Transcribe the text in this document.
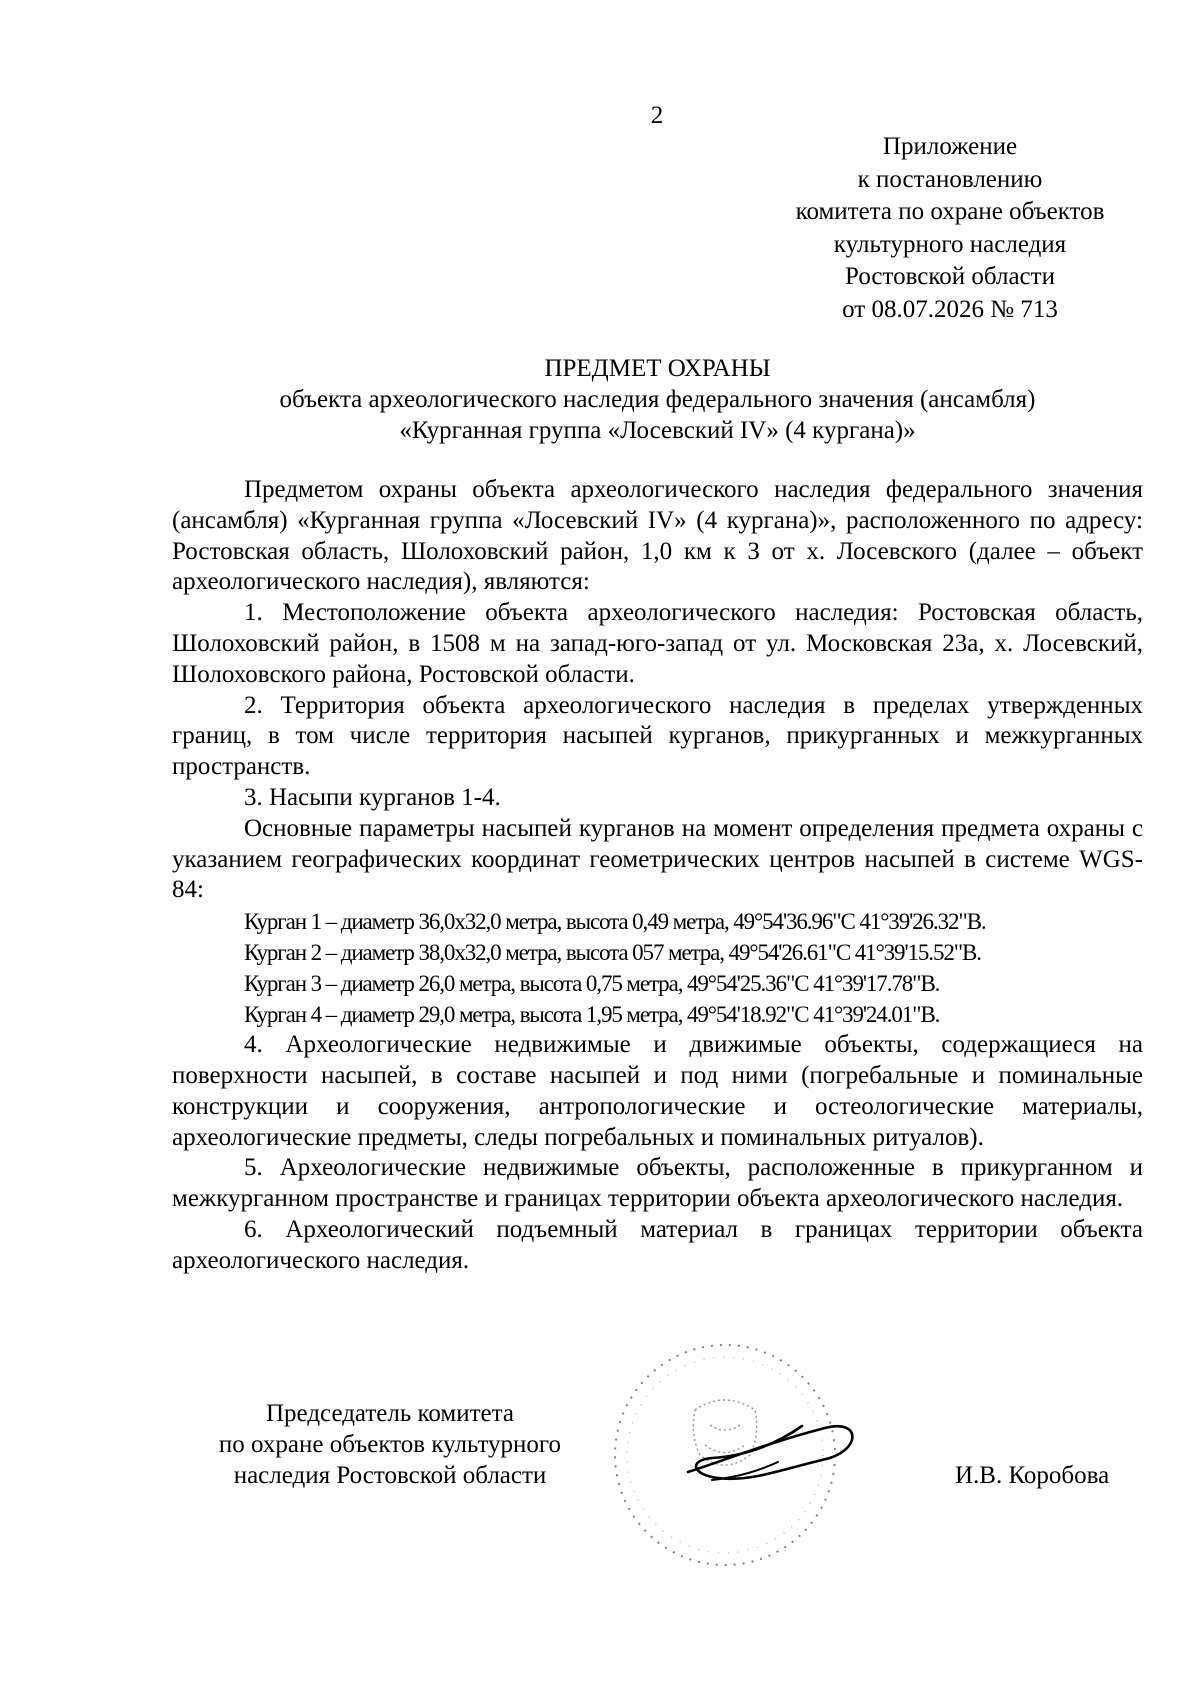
2
Приложение
к постановлению
комитета по охране объектов
культурного наследия
Ростовской области
от 08.07.2026 № 713
ПРЕДМЕТ ОХРАНЫ
объекта археологического наследия федерального значения (ансамбля)
«Курганная группа «Лосевский IV» (4 кургана)»

Предметом охраны объекта археологического наследия федерального значения (ансамбля) «Курганная группа «Лосевский IV» (4 кургана)», расположенного по адресу: Ростовская область, Шолоховский район, 1,0 км к З от х. Лосевского (далее – объект археологического наследия), являются:

1. Местоположение объекта археологического наследия: Ростовская область, Шолоховский район, в 1508 м на запад-юго-запад от ул. Московская 23а, х. Лосевский, Шолоховского района, Ростовской области.

2. Территория объекта археологического наследия в пределах утвержденных границ, в том числе территория насыпей курганов, прикурганных и межкурганных пространств.

3. Насыпи курганов 1-4.

Основные параметры насыпей курганов на момент определения предмета охраны с указанием географических координат геометрических центров насыпей в системе WGS-84:

Курган 1 – диаметр 36,0х32,0 метра, высота 0,49 метра, 49°54'36.96"С 41°39'26.32"В.
Курган 2 – диаметр 38,0х32,0 метра, высота 057 метра, 49°54'26.61"С 41°39'15.52"В.
Курган 3 – диаметр 26,0 метра, высота 0,75 метра, 49°54'25.36"С 41°39'17.78"В.
Курган 4 – диаметр 29,0 метра, высота 1,95 метра, 49°54'18.92"С 41°39'24.01"В.

4. Археологические недвижимые и движимые объекты, содержащиеся на поверхности насыпей, в составе насыпей и под ними (погребальные и поминальные конструкции и сооружения, антропологические и остеологические материалы, археологические предметы, следы погребальных и поминальных ритуалов).

5. Археологические недвижимые объекты, расположенные в прикурганном и межкурганном пространстве и границах территории объекта археологического наследия.

6. Археологический подъемный материал в границах территории объекта археологического наследия.

Председатель комитета
по охране объектов культурного
наследия Ростовской области	И.В. Коробова
